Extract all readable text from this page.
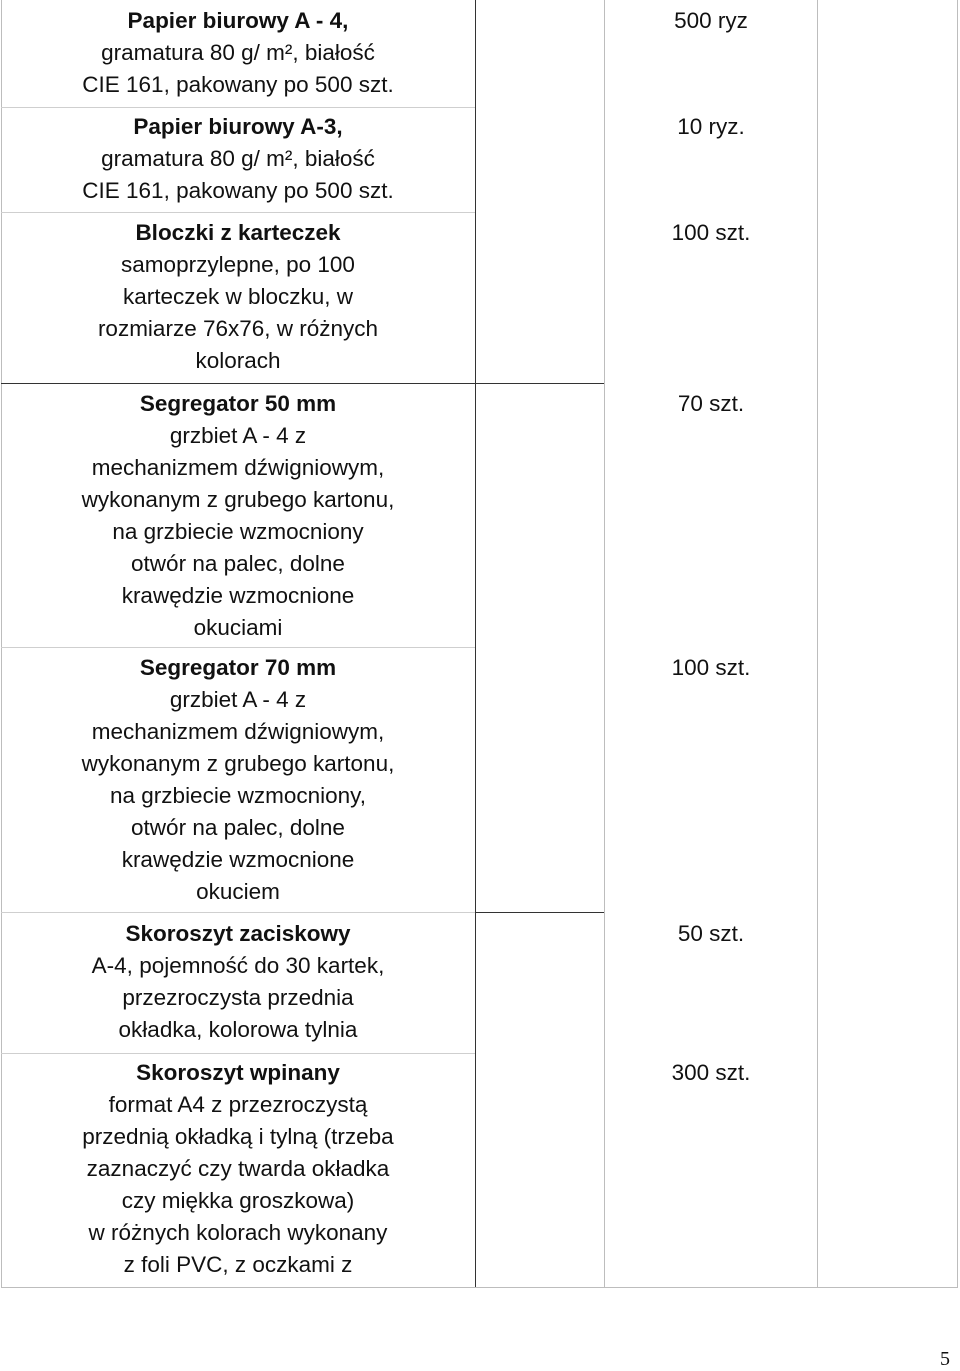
Papier biurowy A - 4,
gramatura 80 g/ m², białość
CIE 161, pakowany po 500 szt.
500 ryz
Papier biurowy A-3,
gramatura 80 g/ m², białość
CIE 161, pakowany po 500 szt.
10 ryz.
Bloczki z karteczek
samoprzylepne, po 100
karteczek w bloczku, w
rozmiarze 76x76, w różnych
kolorach
100 szt.
Segregator 50 mm
grzbiet A - 4 z
mechanizmem dźwigniowym,
wykonanym z grubego kartonu,
na grzbiecie wzmocniony
otwór na palec, dolne
krawędzie wzmocnione
okuciami
70 szt.
Segregator 70 mm
grzbiet A - 4 z
mechanizmem dźwigniowym,
wykonanym z grubego kartonu,
na grzbiecie wzmocniony,
otwór na palec, dolne
krawędzie wzmocnione
okuciem
100 szt.
Skoroszyt zaciskowy
A-4, pojemność do 30 kartek,
przezroczysta przednia
okładka, kolorowa tylnia
50 szt.
Skoroszyt wpinany
format A4 z przezroczystą
przednią okładką i tylną (trzeba
zaznaczyć czy twarda okładka
czy miękka groszkowa)
w różnych kolorach wykonany
z foli PVC, z oczkami z
300 szt.
5
